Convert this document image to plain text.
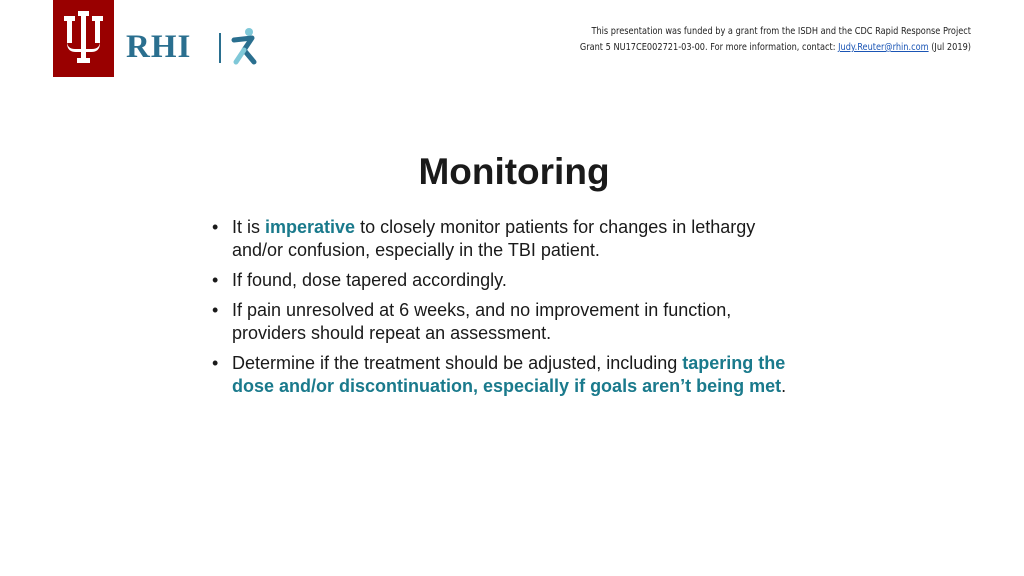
RHI	This presentation was funded by a grant from the ISDH and the CDC Rapid Response Project
Grant 5 NU17CE002721-03-00. For more information, contact: Judy.Reuter@rhin.com (Jul 2019)
Monitoring
• It is imperative to closely monitor patients for changes in lethargy and/or confusion, especially in the TBI patient.
• If found, dose tapered accordingly.
• If pain unresolved at 6 weeks, and no improvement in function, providers should repeat an assessment.
• Determine if the treatment should be adjusted, including tapering the dose and/or discontinuation, especially if goals aren’t being met.
